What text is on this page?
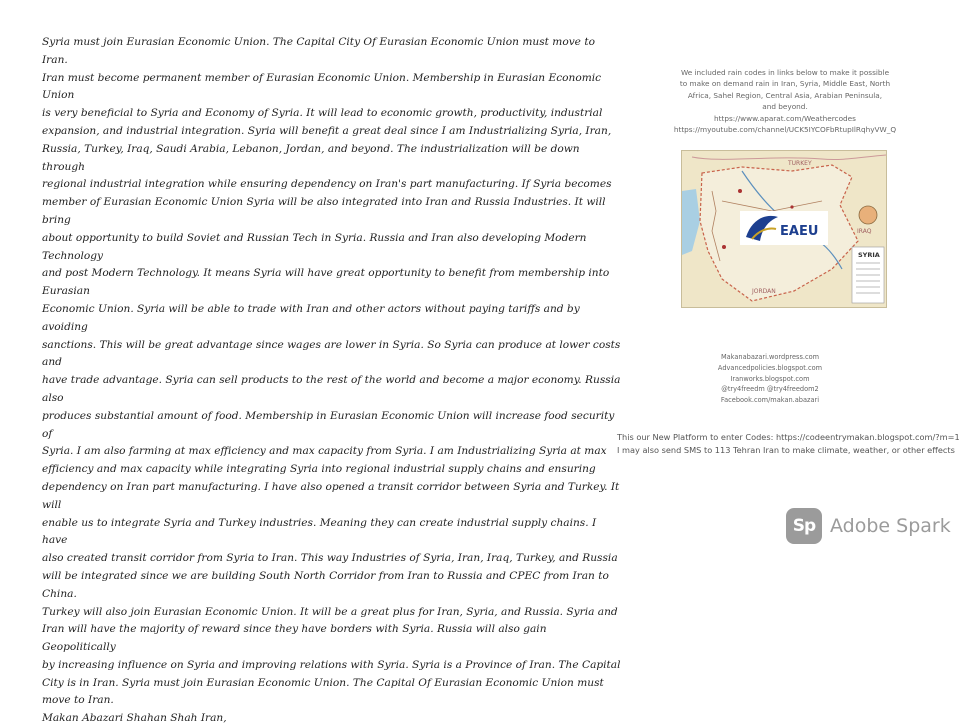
Syria must join Eurasian Economic Union. The Capital City Of Eurasian Economic Union must move to Iran.

Iran must become permanent member of Eurasian Economic Union. Membership in Eurasian Economic Union

is very beneficial to Syria and Economy of Syria. It will lead to economic growth, productivity, industrial

expansion, and industrial integration. Syria will benefit a great deal since I am Industrializing Syria, Iran,

Russia, Turkey, Iraq, Saudi Arabia, Lebanon, Jordan, and beyond. The industrialization will be down through

regional industrial integration while ensuring dependency on Iran's part manufacturing. If Syria becomes

member of Eurasian Economic Union Syria will be also integrated into Iran and Russia Industries. It will bring

about opportunity to build Soviet and Russian Tech in Syria. Russia and Iran also developing Modern Technology

and post Modern Technology. It means Syria will have great opportunity to benefit from membership into Eurasian

Economic Union. Syria will be able to trade with Iran and other actors without paying tariffs and by avoiding

sanctions. This will be great advantage since wages are lower in Syria. So Syria can produce at lower costs and

have trade advantage. Syria can sell products to the rest of the world and become a major economy. Russia also

produces substantial amount of food. Membership in Eurasian Economic Union will increase food security of

Syria. I am also farming at max efficiency and max capacity from Syria. I am Industrializing Syria at max

efficiency and max capacity while integrating Syria into regional industrial supply chains and ensuring

dependency on Iran part manufacturing. I have also opened a transit corridor between Syria and Turkey. It will

enable us to integrate Syria and Turkey industries. Meaning they can create industrial supply chains. I have

also created transit corridor from Syria to Iran. This way Industries of Syria, Iran, Iraq, Turkey, and Russia

will be integrated since we are building South North Corridor from Iran to Russia and CPEC from Iran to China.

Turkey will also join Eurasian Economic Union. It will be a great plus for Iran, Syria, and Russia. Syria and

Iran will have the majority of reward since they have borders with Syria. Russia will also gain Geopolitically

by increasing influence on Syria and improving relations with Syria. Syria is a Province of Iran. The Capital

City is in Iran. Syria must join Eurasian Economic Union. The Capital Of Eurasian Economic Union must

move to Iran.

Makan Abazari Shahan Shah Iran,

We included rain codes in links below to make it possible
to make on demand rain in Iran, Syria, Middle East, North
Africa, Sahel Region, Central Asia, Arabian Peninsula,
and beyond.
https://www.aparat.com/Weathercodes
https://myoutube.com/channel/UCK5IYCOFbRtupIlRqhyVW_Q
TURKEY
IRAQ
JORDAN
SYRIA
EAEU
Makanabazari.wordpress.com
Advancedpolicies.blogspot.com
Iranworks.blogspot.com
@try4freedm @try4freedom2
Facebook.com/makan.abazari
This our New Platform to enter Codes: https://codeentrymakan.blogspot.com/?m=1
I may also send SMS to 113 Tehran Iran to make climate, weather, or other effects
Sp Adobe Spark
